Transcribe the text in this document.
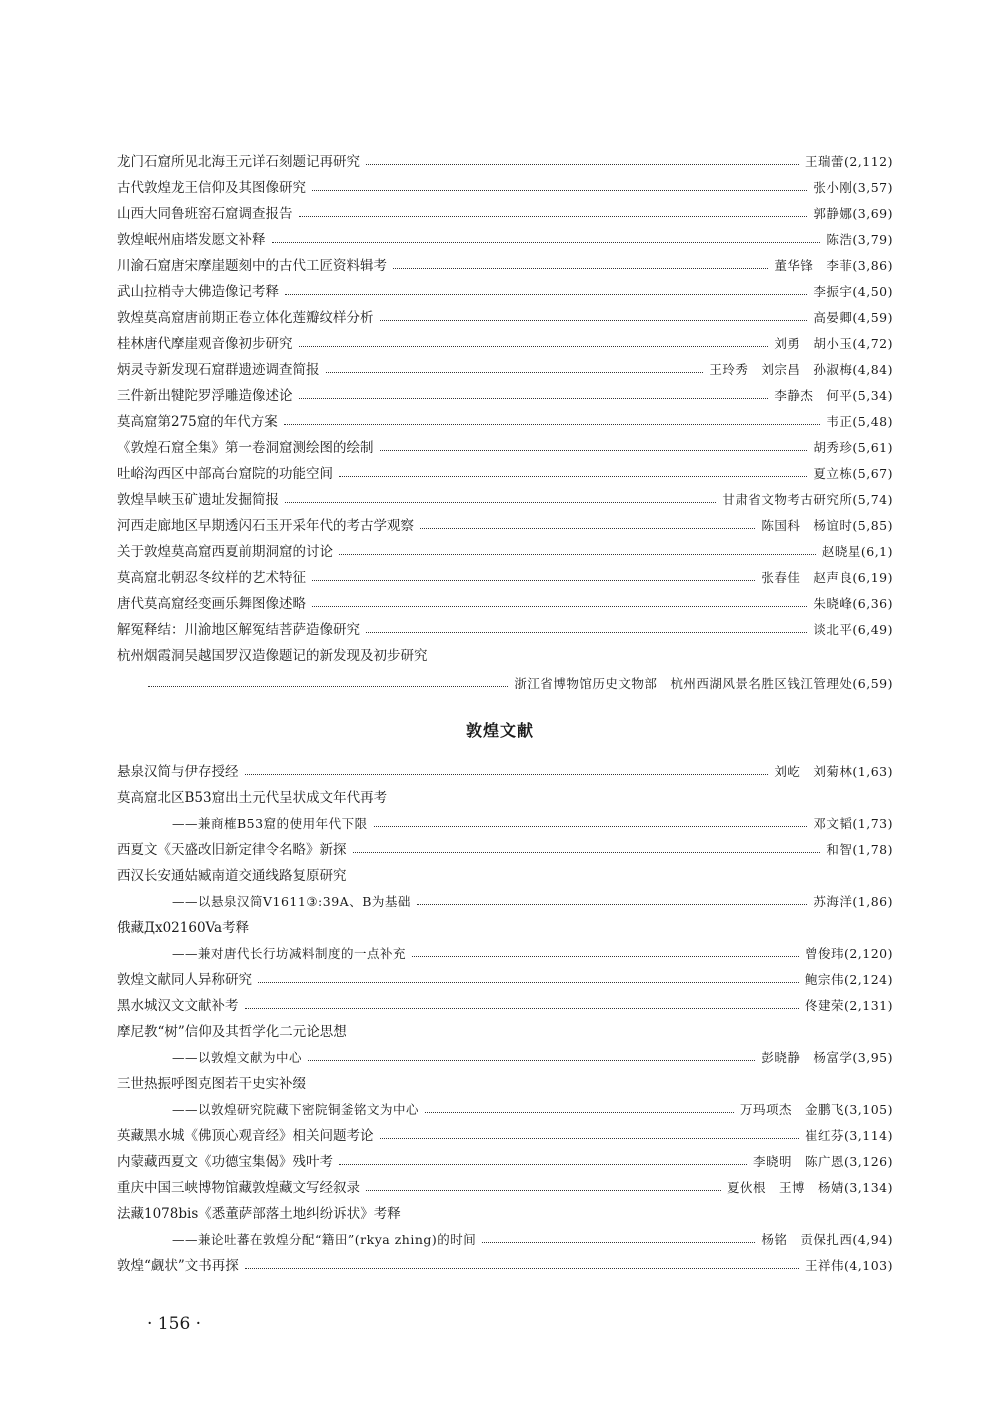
龙门石窟所见北海王元详石刻题记再研究	王瑞蕾(2,112)
古代敦煌龙王信仰及其图像研究	张小刚(3,57)
山西大同鲁班窑石窟调查报告	郭静娜(3,69)
敦煌岷州庙塔发愿文补释	陈浩(3,79)
川渝石窟唐宋摩崖题刻中的古代工匠资料辑考	董华锋　李菲(3,86)
武山拉梢寺大佛造像记考释	李振宇(4,50)
敦煌莫高窟唐前期正卷立体化莲瓣纹样分析	高晏卿(4,59)
桂林唐代摩崖观音像初步研究	刘勇　胡小玉(4,72)
炳灵寺新发现石窟群遗迹调查简报	王玲秀　刘宗昌　孙淑梅(4,84)
三件新出犍陀罗浮雕造像述论	李静杰　何平(5,34)
莫高窟第275窟的年代方案	韦正(5,48)
《敦煌石窟全集》第一卷洞窟测绘图的绘制	胡秀珍(5,61)
吐峪沟西区中部高台窟院的功能空间	夏立栋(5,67)
敦煌旱峡玉矿遗址发掘简报	甘肃省文物考古研究所(5,74)
河西走廊地区早期透闪石玉开采年代的考古学观察	陈国科　杨谊时(5,85)
关于敦煌莫高窟西夏前期洞窟的讨论	赵晓星(6,1)
莫高窟北朝忍冬纹样的艺术特征	张春佳　赵声良(6,19)
唐代莫高窟经变画乐舞图像述略	朱晓峰(6,36)
解冤释结：川渝地区解冤结菩萨造像研究	谈北平(6,49)
杭州烟霞洞吴越国罗汉造像题记的新发现及初步研究
浙江省博物馆历史文物部　杭州西湖风景名胜区钱江管理处(6,59)
敦煌文献
悬泉汉简与伊存授经	刘屹　刘菊林(1,63)
莫高窟北区B53窟出土元代呈状成文年代再考
——兼商榷B53窟的使用年代下限	邓文韬(1,73)
西夏文《天盛改旧新定律令名略》新探	和智(1,78)
西汉长安通姑臧南道交通线路复原研究
——以悬泉汉简Ⅴ1611③:39A、B为基础	苏海洋(1,86)
俄藏Дx02160Va考释
——兼对唐代长行坊减料制度的一点补充	曾俊玮(2,120)
敦煌文献同人异称研究	鲍宗伟(2,124)
黑水城汉文文献补考	佟建荣(2,131)
摩尼教“树”信仰及其哲学化二元论思想
——以敦煌文献为中心	彭晓静　杨富学(3,95)
三世热振呼图克图若干史实补缀
——以敦煌研究院藏下密院铜釜铭文为中心	万玛项杰　金鹏飞(3,105)
英藏黑水城《佛顶心观音经》相关问题考论	崔红芬(3,114)
内蒙藏西夏文《功德宝集偈》残叶考	李晓明　陈广恩(3,126)
重庆中国三峡博物馆藏敦煌藏文写经叙录	夏伙根　王博　杨婧(3,134)
法藏1078bis《悉董萨部落土地纠纷诉状》考释
——兼论吐蕃在敦煌分配“籍田”(rkya zhing)的时间	杨铭　贡保扎西(4,94)
敦煌“觑状”文书再探	王祥伟(4,103)
· 156 ·
